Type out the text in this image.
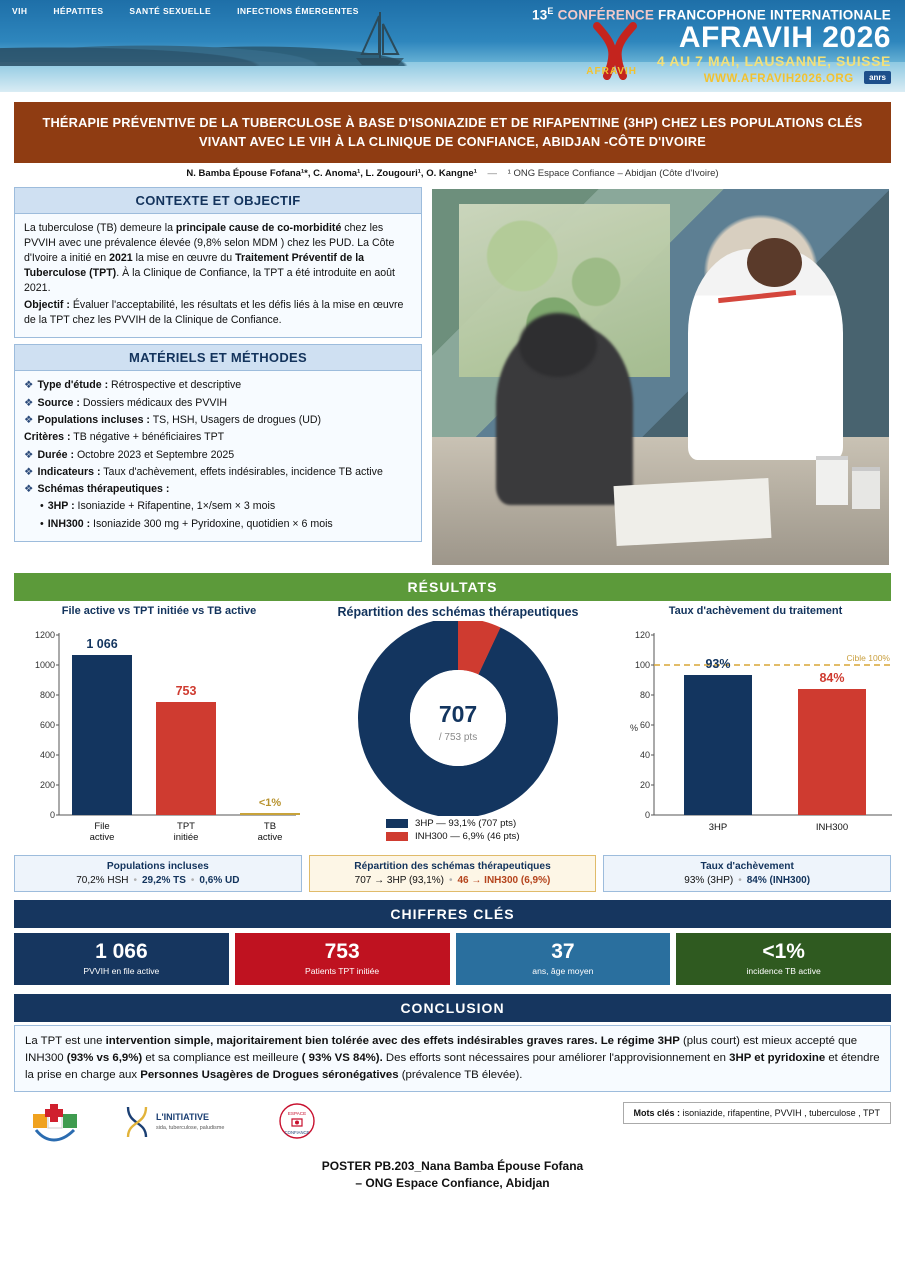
VIH	HÉPATITES	SANTÉ SEXUELLE	INFECTIONS ÉMERGENTES
AFRAVIH
$13^E$ CONFÉRENCE FRANCOPHONE INTERNATIONALE
AFRAVIH 2026
4 AU 7 MAI, LAUSANNE, SUISSE
WWW.AFRAVIH2026.ORG anrs
THÉRAPIE PRÉVENTIVE DE LA TUBERCULOSE À BASE D'ISONIAZIDE ET DE RIFAPENTINE (3HP) CHEZ LES POPULATIONS CLÉS VIVANT AVEC LE VIH À LA CLINIQUE DE CONFIANCE, ABIDJAN -CÔTE D'IVOIRE
N. Bamba Épouse Fofana¹*, C. Anoma¹, L. Zougouri¹, O. Kangne¹ — ¹ ONG Espace Confiance – Abidjan (Côte d'Ivoire)
CONTEXTE ET OBJECTIF

La tuberculose (TB) demeure la principale cause de co-morbidité chez les PVVIH avec une prévalence élevée (9,8% selon MDM ) chez les PUD. La Côte d'Ivoire a initié en 2021 la mise en œuvre du Traitement Préventif de la Tuberculose (TPT). À la Clinique de Confiance, la TPT a été introduite en août 2021.

Objectif : Évaluer l'acceptabilité, les résultats et les défis liés à la mise en œuvre de la TPT chez les PVVIH de la Clinique de Confiance.

MATÉRIELS ET MÉTHODES
❖ Type d'étude : Rétrospective et descriptive
❖ Source : Dossiers médicaux des PVVIH
❖ Populations incluses : TS, HSH, Usagers de drogues (UD)
Critères : TB négative + bénéficiaires TPT
❖ Durée : Octobre 2023 et Septembre 2025
❖ Indicateurs : Taux d'achèvement, effets indésirables, incidence TB active
❖ Schémas thérapeutiques :
• 3HP : Isoniazide + Rifapentine, 1×/sem × 3 mois
• INH300 : Isoniazide 300 mg + Pyridoxine, quotidien × 6 mois
RÉSULTATS
File active vs TPT initiée vs TB active
0
200
400
600
800
1000
1200
1 066
753
<1%
File
active
TPT
initiée
TB
active
Répartition des schémas thérapeutiques
707
/ 753 pts
3HP — 93,1% (707 pts)
INH300 — 6,9% (46 pts)
Taux d'achèvement du traitement
0
20
40
60
80
100
120
%
Cible 100%
93%
84%
3HP	INH300
Populations incluses
70,2% HSH • 29,2% TS • 0,6% UD
Répartition des schémas thérapeutiques
707 → 3HP (93,1%) • 46 → INH300 (6,9%)
Taux d'achèvement
93% (3HP) • 84% (INH300)
CHIFFRES CLÉS
1 066
PVVIH en file active
753
Patients TPT initiée
37
ans, âge moyen
<1%
incidence TB active
CONCLUSION
La TPT est une intervention simple, majoritairement bien tolérée avec des effets indésirables graves rares. Le régime 3HP (plus court) est mieux accepté que INH300 (93% vs 6,9%) et sa compliance est meilleure ( 93% VS 84%). Des efforts sont nécessaires pour améliorer l'approvisionnement en 3HP et pyridoxine et étendre la prise en charge aux Personnes Usagères de Drogues séronégatives (prévalence TB élevée).
L'INITIATIVE
sida, tuberculose, paludisme
ESPACE
CONFIANCE
Mots clés : isoniazide, rifapentine, PVVIH , tuberculose , TPT
POSTER PB.203_Nana Bamba Épouse Fofana
– ONG Espace Confiance, Abidjan
